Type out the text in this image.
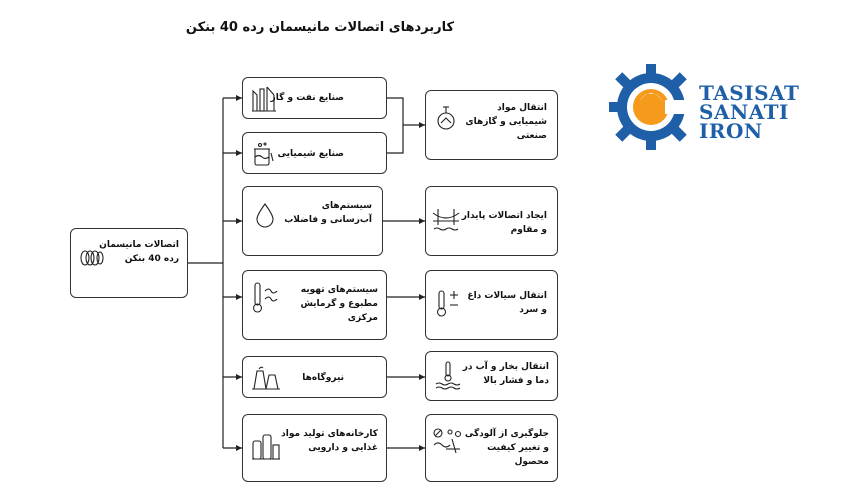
کاربردهای اتصالات مانیسمان رده 40 بنکن
اتصالات مانیسمان رده 40 بنکن
صنایع نفت و گاز
صنایع شیمیایی
سیستم‌های آب‌رسانی و فاضلاب
سیستم‌های تهویه مطبوع و گرمایش مرکزی
نیروگاه‌ها
کارخانه‌های تولید مواد غذایی و دارویی
انتقال مواد شیمیایی و گازهای صنعتی
ایجاد اتصالات پایدار و مقاوم
انتقال سیالات داغ و سرد
انتقال بخار و آب در دما و فشار بالا
جلوگیری از آلودگی و تغییر کیفیت محصول
TASISAT
SANATI
IRON
